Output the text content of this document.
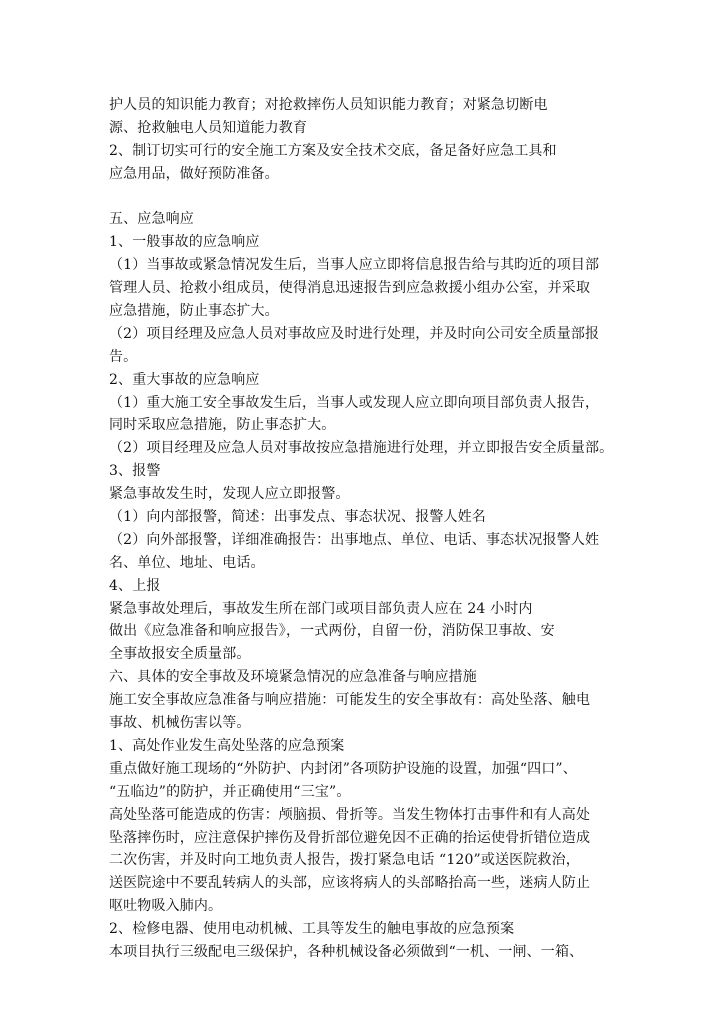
护人员的知识能力教育；对抢救摔伤人员知识能力教育；对紧急切断电
源、抢救触电人员知道能力教育
2、制订切实可行的安全施工方案及安全技术交底，备足备好应急工具和
应急用品，做好预防准备。
五、应急响应
1、一般事故的应急响应
（1）当事故或紧急情况发生后，当事人应立即将信息报告给与其昀近的项目部
管理人员、抢救小组成员，使得消息迅速报告到应急救援小组办公室，并采取
应急措施，防止事态扩大。
（2）项目经理及应急人员对事故应及时进行处理，并及时向公司安全质量部报
告。
2、重大事故的应急响应
（1）重大施工安全事故发生后，当事人或发现人应立即向项目部负责人报告，
同时采取应急措施，防止事态扩大。
（2）项目经理及应急人员对事故按应急措施进行处理，并立即报告安全质量部。
3、报警
紧急事故发生时，发现人应立即报警。
（1）向内部报警，简述：出事发点、事态状况、报警人姓名
（2）向外部报警，详细准确报告：出事地点、单位、电话、事态状况报警人姓
名、单位、地址、电话。
4、上报
紧急事故处理后，事故发生所在部门或项目部负责人应在 24 小时内
做出《应急准备和响应报告》，一式两份，自留一份，消防保卫事故、安
全事故报安全质量部。
六、具体的安全事故及环境紧急情况的应急准备与响应措施
施工安全事故应急准备与响应措施：可能发生的安全事故有：高处坠落、触电
事故、机械伤害以等。
1、高处作业发生高处坠落的应急预案
重点做好施工现场的“外防护、内封闭”各项防护设施的设置，加强“四口”、
“五临边”的防护，并正确使用“三宝”。
高处坠落可能造成的伤害：颅脑损、骨折等。当发生物体打击事件和有人高处
坠落摔伤时，应注意保护摔伤及骨折部位避免因不正确的抬运使骨折错位造成
二次伤害，并及时向工地负责人报告，拨打紧急电话 “120”或送医院救治，
送医院途中不要乱转病人的头部，应该将病人的头部略抬高一些，迷病人防止
呕吐物吸入肺内。
2、检修电器、使用电动机械、工具等发生的触电事故的应急预案
本项目执行三级配电三级保护，各种机械设备必须做到“一机、一闸、一箱、
